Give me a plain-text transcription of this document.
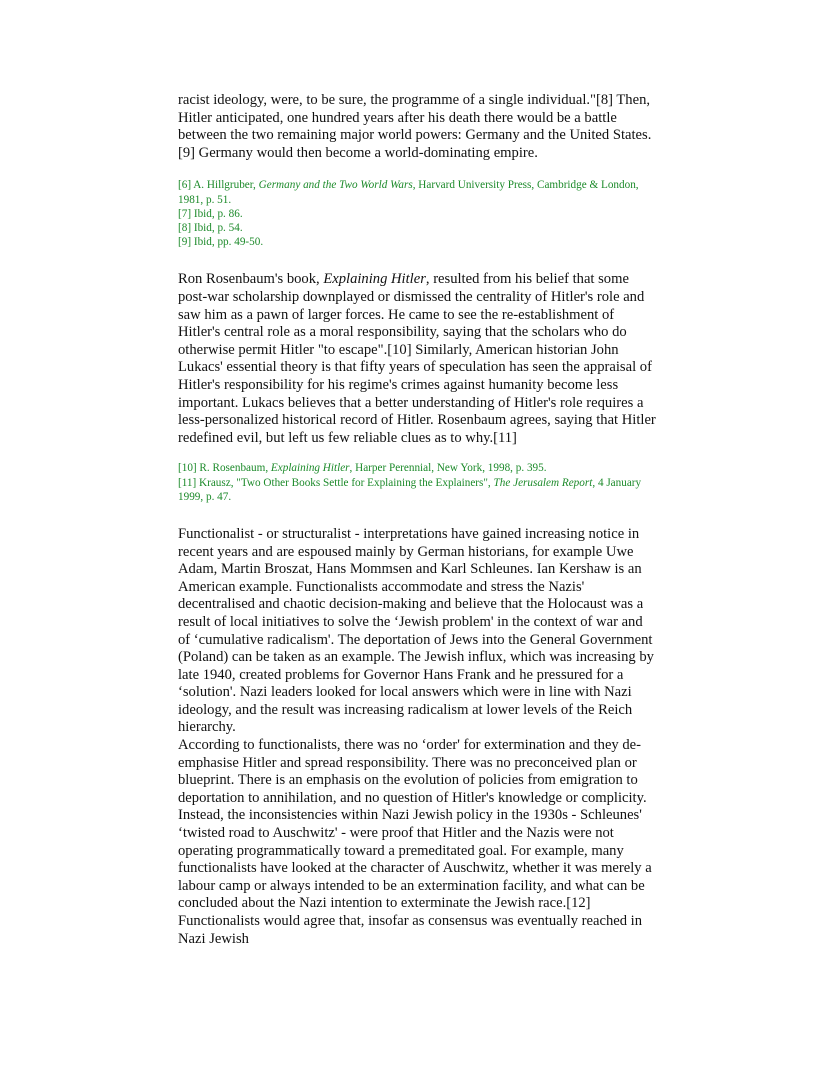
racist ideology, were, to be sure, the programme of a single individual."[8] Then, Hitler anticipated, one hundred years after his death there would be a battle between the two remaining major world powers: Germany and the United States.[9] Germany would then become a world-dominating empire.

[6] A. Hillgruber, Germany and the Two World Wars, Harvard University Press, Cambridge & London, 1981, p. 51.
[7] Ibid, p. 86.
[8] Ibid, p. 54.
[9] Ibid, pp. 49-50.

Ron Rosenbaum's book, Explaining Hitler, resulted from his belief that some post-war scholarship downplayed or dismissed the centrality of Hitler's role and saw him as a pawn of larger forces. He came to see the re-establishment of Hitler's central role as a moral responsibility, saying that the scholars who do otherwise permit Hitler "to escape".[10] Similarly, American historian John Lukacs' essential theory is that fifty years of speculation has seen the appraisal of Hitler's responsibility for his regime's crimes against humanity become less important. Lukacs believes that a better understanding of Hitler's role requires a less-personalized historical record of Hitler. Rosenbaum agrees, saying that Hitler redefined evil, but left us few reliable clues as to why.[11]

[10] R. Rosenbaum, Explaining Hitler, Harper Perennial, New York, 1998, p. 395.
[11] Krausz, "Two Other Books Settle for Explaining the Explainers", The Jerusalem Report, 4 January 1999, p. 47.

Functionalist - or structuralist - interpretations have gained increasing notice in recent years and are espoused mainly by German historians, for example Uwe Adam, Martin Broszat, Hans Mommsen and Karl Schleunes. Ian Kershaw is an American example. Functionalists accommodate and stress the Nazis' decentralised and chaotic decision-making and believe that the Holocaust was a result of local initiatives to solve the ‘Jewish problem' in the context of war and of ‘cumulative radicalism'. The deportation of Jews into the General Government (Poland) can be taken as an example. The Jewish influx, which was increasing by late 1940, created problems for Governor Hans Frank and he pressured for a ‘solution'. Nazi leaders looked for local answers which were in line with Nazi ideology, and the result was increasing radicalism at lower levels of the Reich hierarchy.

According to functionalists, there was no ‘order' for extermination and they de-emphasise Hitler and spread responsibility. There was no preconceived plan or blueprint. There is an emphasis on the evolution of policies from emigration to deportation to annihilation, and no question of Hitler's knowledge or complicity. Instead, the inconsistencies within Nazi Jewish policy in the 1930s - Schleunes' ‘twisted road to Auschwitz' - were proof that Hitler and the Nazis were not operating programmatically toward a premeditated goal. For example, many functionalists have looked at the character of Auschwitz, whether it was merely a labour camp or always intended to be an extermination facility, and what can be concluded about the Nazi intention to exterminate the Jewish race.[12] Functionalists would agree that, insofar as consensus was eventually reached in Nazi Jewish
